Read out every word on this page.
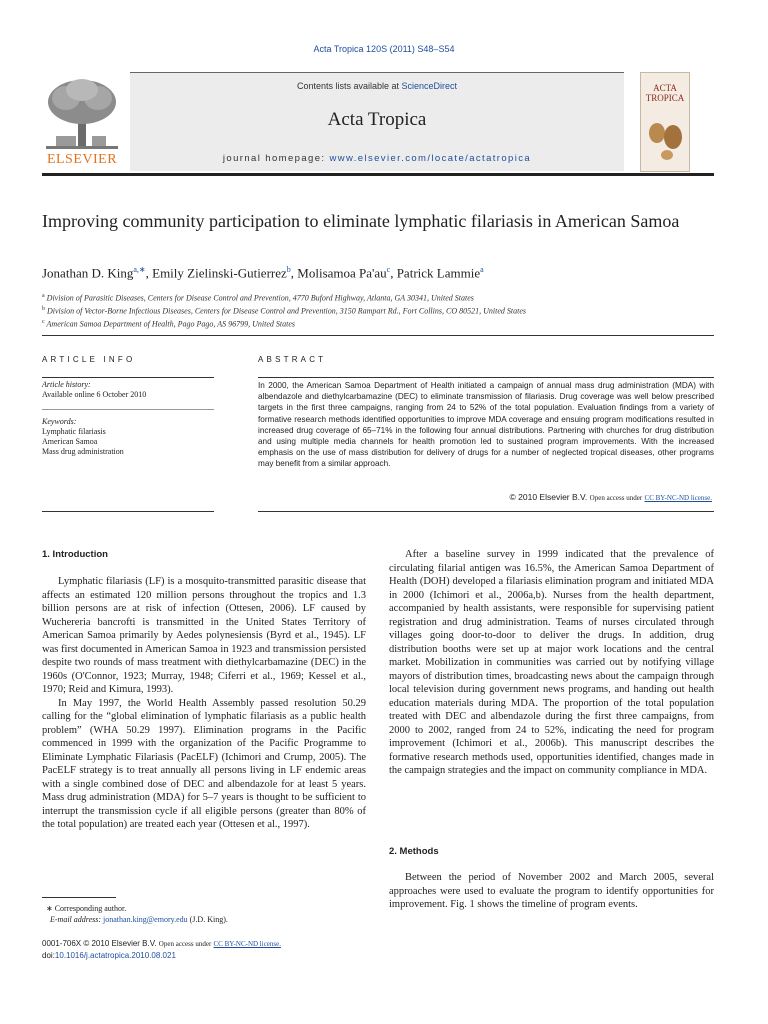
Acta Tropica 120S (2011) S48–S54
ELSEVIER
Contents lists available at ScienceDirect
Acta Tropica
journal homepage: www.elsevier.com/locate/actatropica
ACTA
TROPICA
Improving community participation to eliminate lymphatic filariasis in American Samoa
Jonathan D. King$^{a,∗}$, Emily Zielinski-Gutierrez$^b$, Molisamoa $Pa'au^c$, Patrick Lammie$^a$
$^a$ Division of Parasitic Diseases, Centers for Disease Control and Prevention, 4770 Buford Highway, Atlanta, GA 30341, United States
$^b$ Division of Vector-Borne Infectious Diseases, Centers for Disease Control and Prevention, 3150 Rampart Rd., Fort Collins, CO 80521, United States
$^c$ American Samoa Department of Health, Pago Pago, AS 96799, United States
ARTICLE INFO
Article history:
Available online 6 October 2010
Keywords:
Lymphatic filariasis
American Samoa
Mass drug administration
ABSTRACT
In 2000, the American Samoa Department of Health initiated a campaign of annual mass drug administration (MDA) with albendazole and diethylcarbamazine (DEC) to eliminate transmission of filariasis. Drug coverage was well below prescribed targets in the first three campaigns, ranging from 24 to 52% of the total population. Evaluation findings from a variety of formative research methods identified opportunities to improve MDA coverage and ensuing program modifications resulted in increased drug coverage of 65–71% in the following four annual distributions. Partnering with churches for drug distribution and using multiple media channels for health promotion led to sustained program improvements. With the increased emphasis on the use of mass distribution for delivery of drugs for a number of neglected tropical diseases, other programs may benefit from a similar approach.
© 2010 Elsevier B.V. Open access under CC BY-NC-ND license.
1. Introduction

Lymphatic filariasis (LF) is a mosquito-transmitted parasitic disease that affects an estimated 120 million persons throughout the tropics and 1.3 billion persons are at risk of infection (Ottesen, 2006). LF caused by Wuchereria bancrofti is transmitted in the United States Territory of American Samoa primarily by Aedes polynesiensis (Byrd et al., 1945). LF was first documented in American Samoa in 1923 and transmission persisted despite two rounds of mass treatment with diethylcarbamazine (DEC) in the 1960s (O'Connor, 1923; Murray, 1948; Ciferri et al., 1969; Kessel et al., 1970; Reid and Kimura, 1993).

In May 1997, the World Health Assembly passed resolution 50.29 calling for the “global elimination of lymphatic filariasis as a public health problem” (WHA 50.29 1997). Elimination programs in the Pacific commenced in 1999 with the organization of the Pacific Programme to Eliminate Lymphatic Filariasis (PacELF) (Ichimori and Crump, 2005). The PacELF strategy is to treat annually all persons living in LF endemic areas with a single combined dose of DEC and albendazole for at least 5 years. Mass drug administration (MDA) for 5–7 years is thought to be sufficient to interrupt the transmission cycle if all eligible persons (greater than 80% of the total population) are treated each year (Ottesen et al., 1997).

After a baseline survey in 1999 indicated that the prevalence of circulating filarial antigen was 16.5%, the American Samoa Department of Health (DOH) developed a filariasis elimination program and initiated MDA in 2000 (Ichimori et al., 2006a,b). Nurses from the health department, accompanied by health assistants, were responsible for supervising patient registration and drug administration. Teams of nurses circulated through villages going door-to-door to deliver the drugs. In addition, drug distribution booths were set up at major work locations and the central market. Mobilization in communities was carried out by notifying village mayors of distribution times, broadcasting news about the campaign through local television during government news programs, and handing out health education materials during MDA. The proportion of the total population treated with DEC and albendazole during the first three campaigns, from 2000 to 2002, ranged from 24 to 52%, indicating the need for program improvement (Ichimori et al., 2006b). This manuscript describes the formative research methods used, opportunities identified, changes made in the campaign strategies and the impact on community compliance in MDA.

2. Methods

Between the period of November 2002 and March 2005, several approaches were used to evaluate the program to identify opportunities for improvement. Fig. 1 shows the timeline of program events.

∗ Corresponding author.
E-mail address: jonathan.king@emory.edu (J.D. King).
0001-706X © 2010 Elsevier B.V. Open access under CC BY-NC-ND license.
doi:10.1016/j.actatropica.2010.08.021
